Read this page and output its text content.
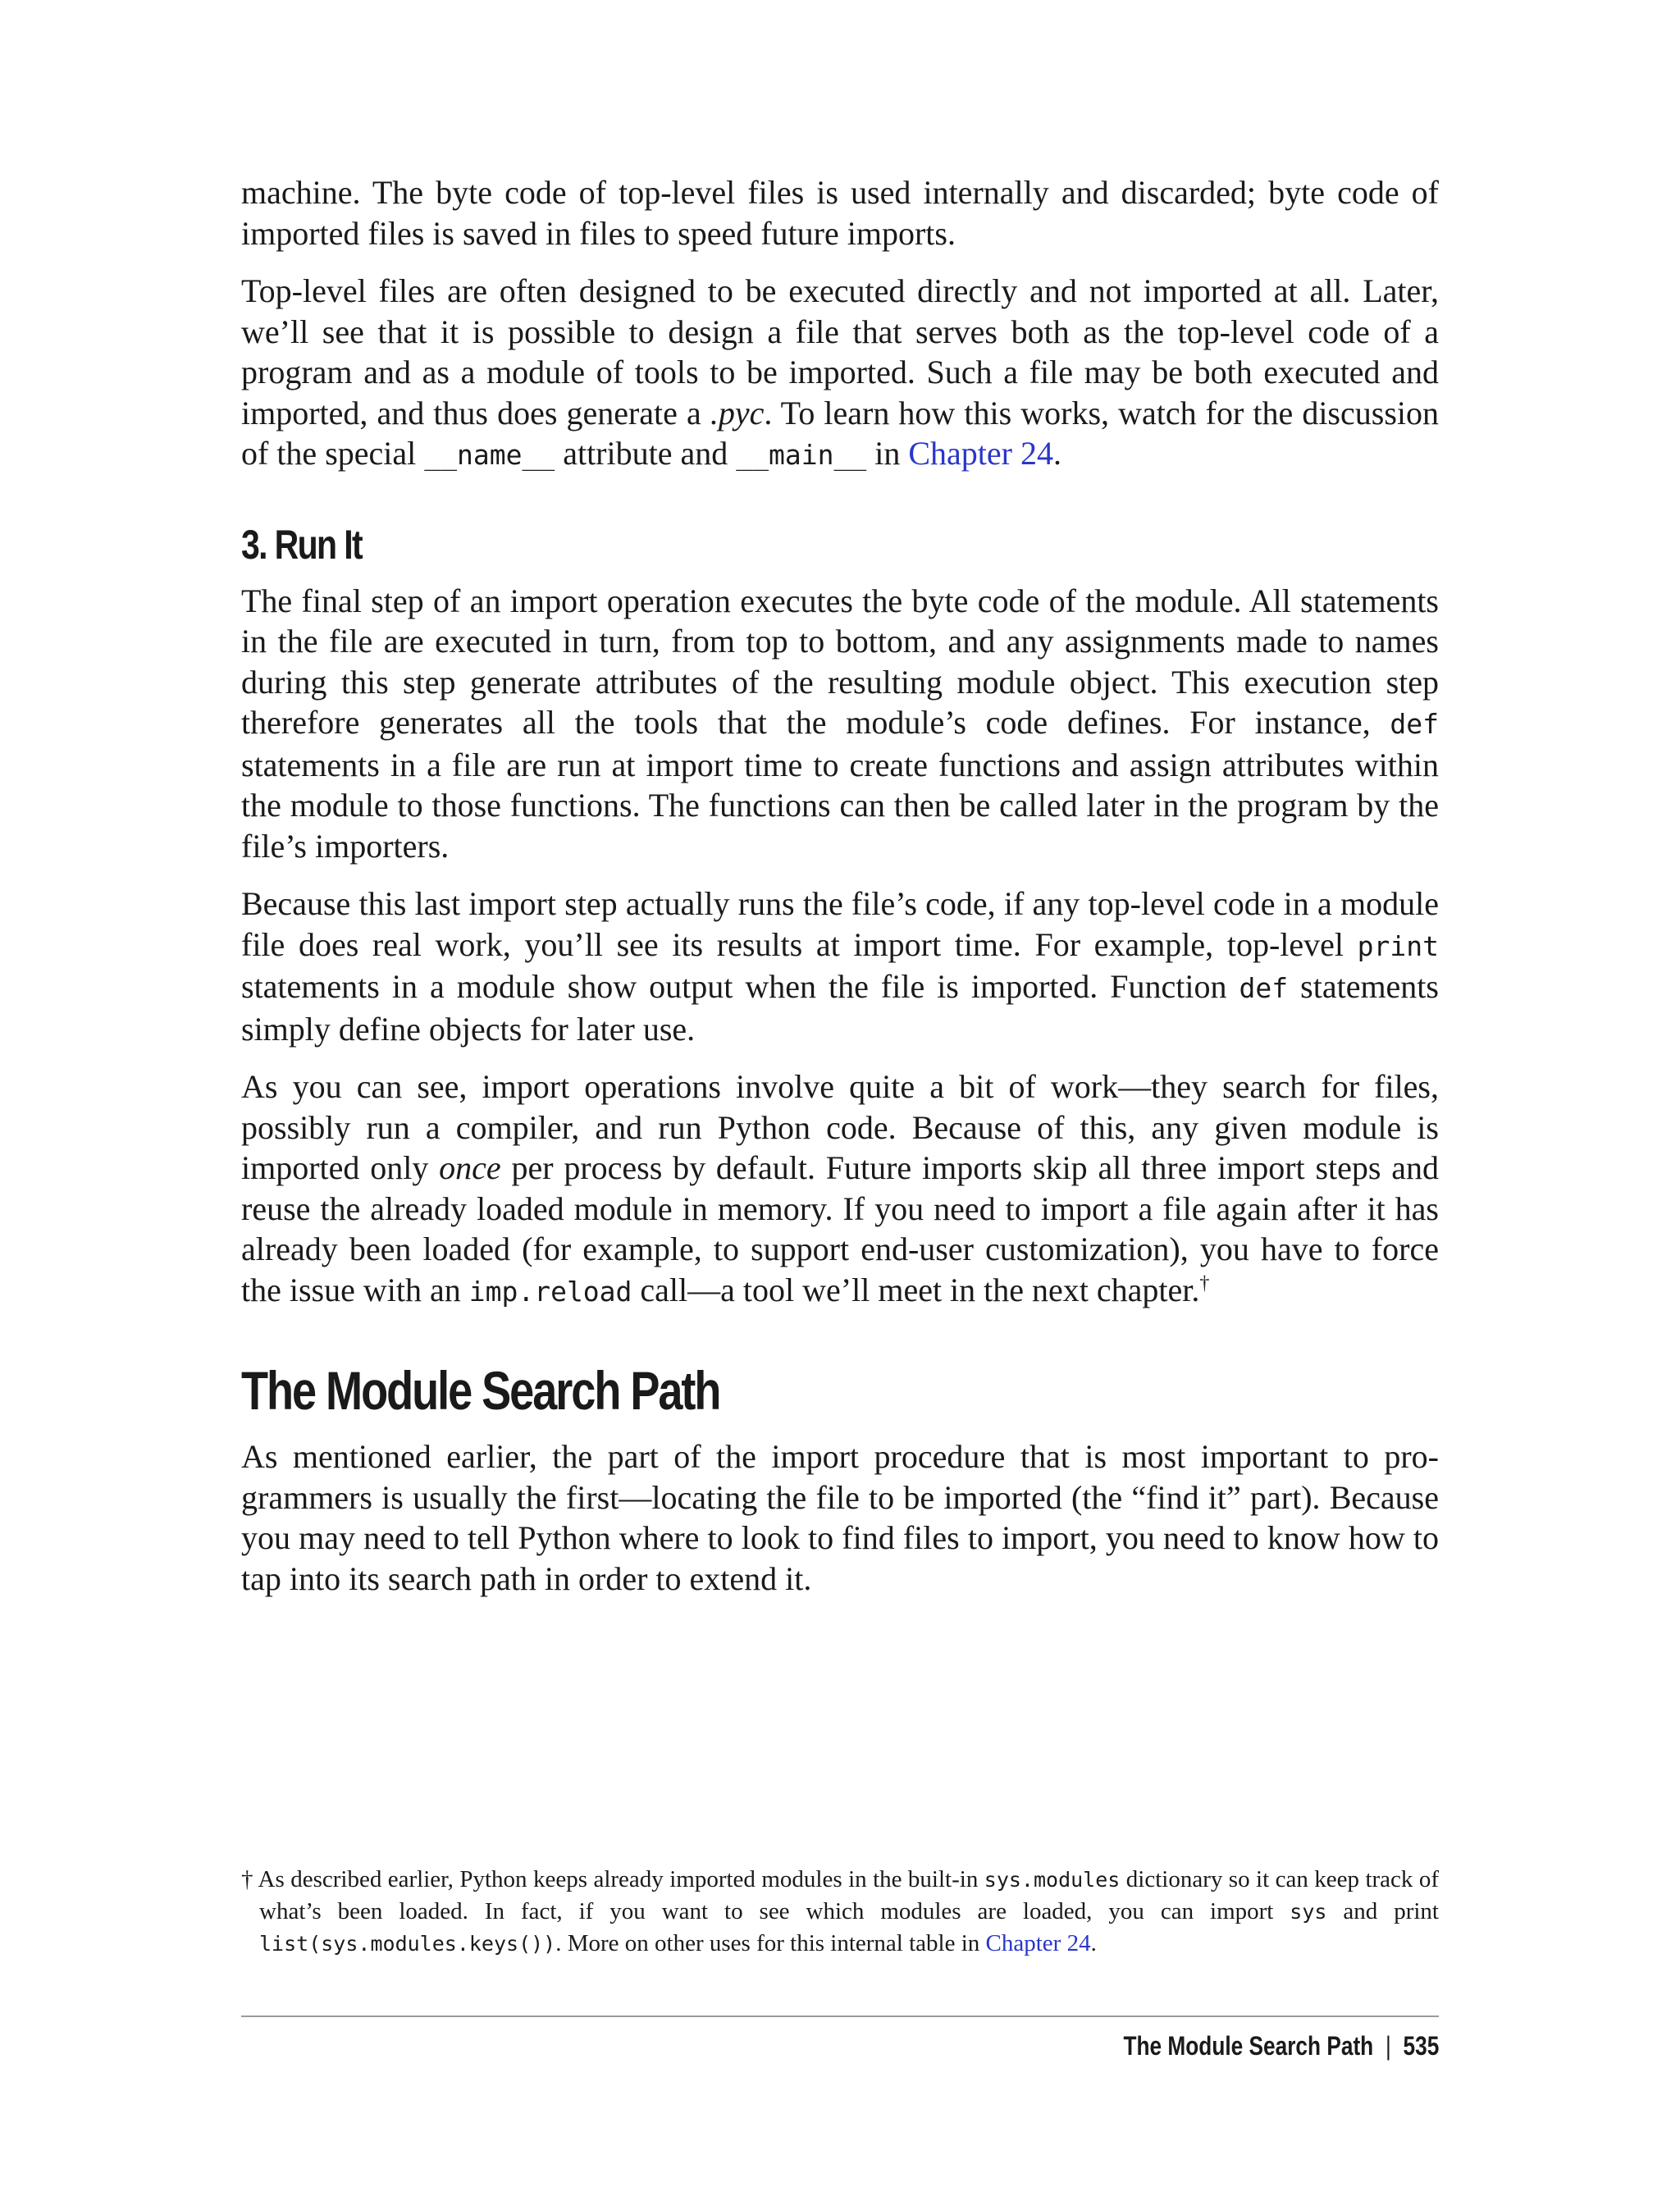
machine. The byte code of top-level files is used internally and discarded; byte code of imported files is saved in files to speed future imports.

Top-level files are often designed to be executed directly and not imported at all. Later, we’ll see that it is possible to design a file that serves both as the top-level code of a program and as a module of tools to be imported. Such a file may be both executed and imported, and thus does generate a .pyc. To learn how this works, watch for the discussion of the special __name__ attribute and __main__ in Chapter 24.

3. Run It

The final step of an import operation executes the byte code of the module. All statements in the file are executed in turn, from top to bottom, and any assignments made to names during this step generate attributes of the resulting module object. This execution step therefore generates all the tools that the module’s code defines. For instance, def statements in a file are run at import time to create functions and assign attributes within the module to those functions. The functions can then be called later in the program by the file’s importers.

Because this last import step actually runs the file’s code, if any top-level code in a module file does real work, you’ll see its results at import time. For example, top-level print statements in a module show output when the file is imported. Function def statements simply define objects for later use.

As you can see, import operations involve quite a bit of work—they search for files, possibly run a compiler, and run Python code. Because of this, any given module is imported only once per process by default. Future imports skip all three import steps and reuse the already loaded module in memory. If you need to import a file again after it has already been loaded (for example, to support end-user customization), you have to force the issue with an imp.reload call—a tool we’ll meet in the next chapter.†

The Module Search Path

As mentioned earlier, the part of the import procedure that is most important to programmers is usually the first—locating the file to be imported (the “find it” part). Because you may need to tell Python where to look to find files to import, you need to know how to tap into its search path in order to extend it.

† As described earlier, Python keeps already imported modules in the built-in sys.modules dictionary so it can keep track of what’s been loaded. In fact, if you want to see which modules are loaded, you can import sys and print list(sys.modules.keys()). More on other uses for this internal table in Chapter 24.
The Module Search Path | 535
